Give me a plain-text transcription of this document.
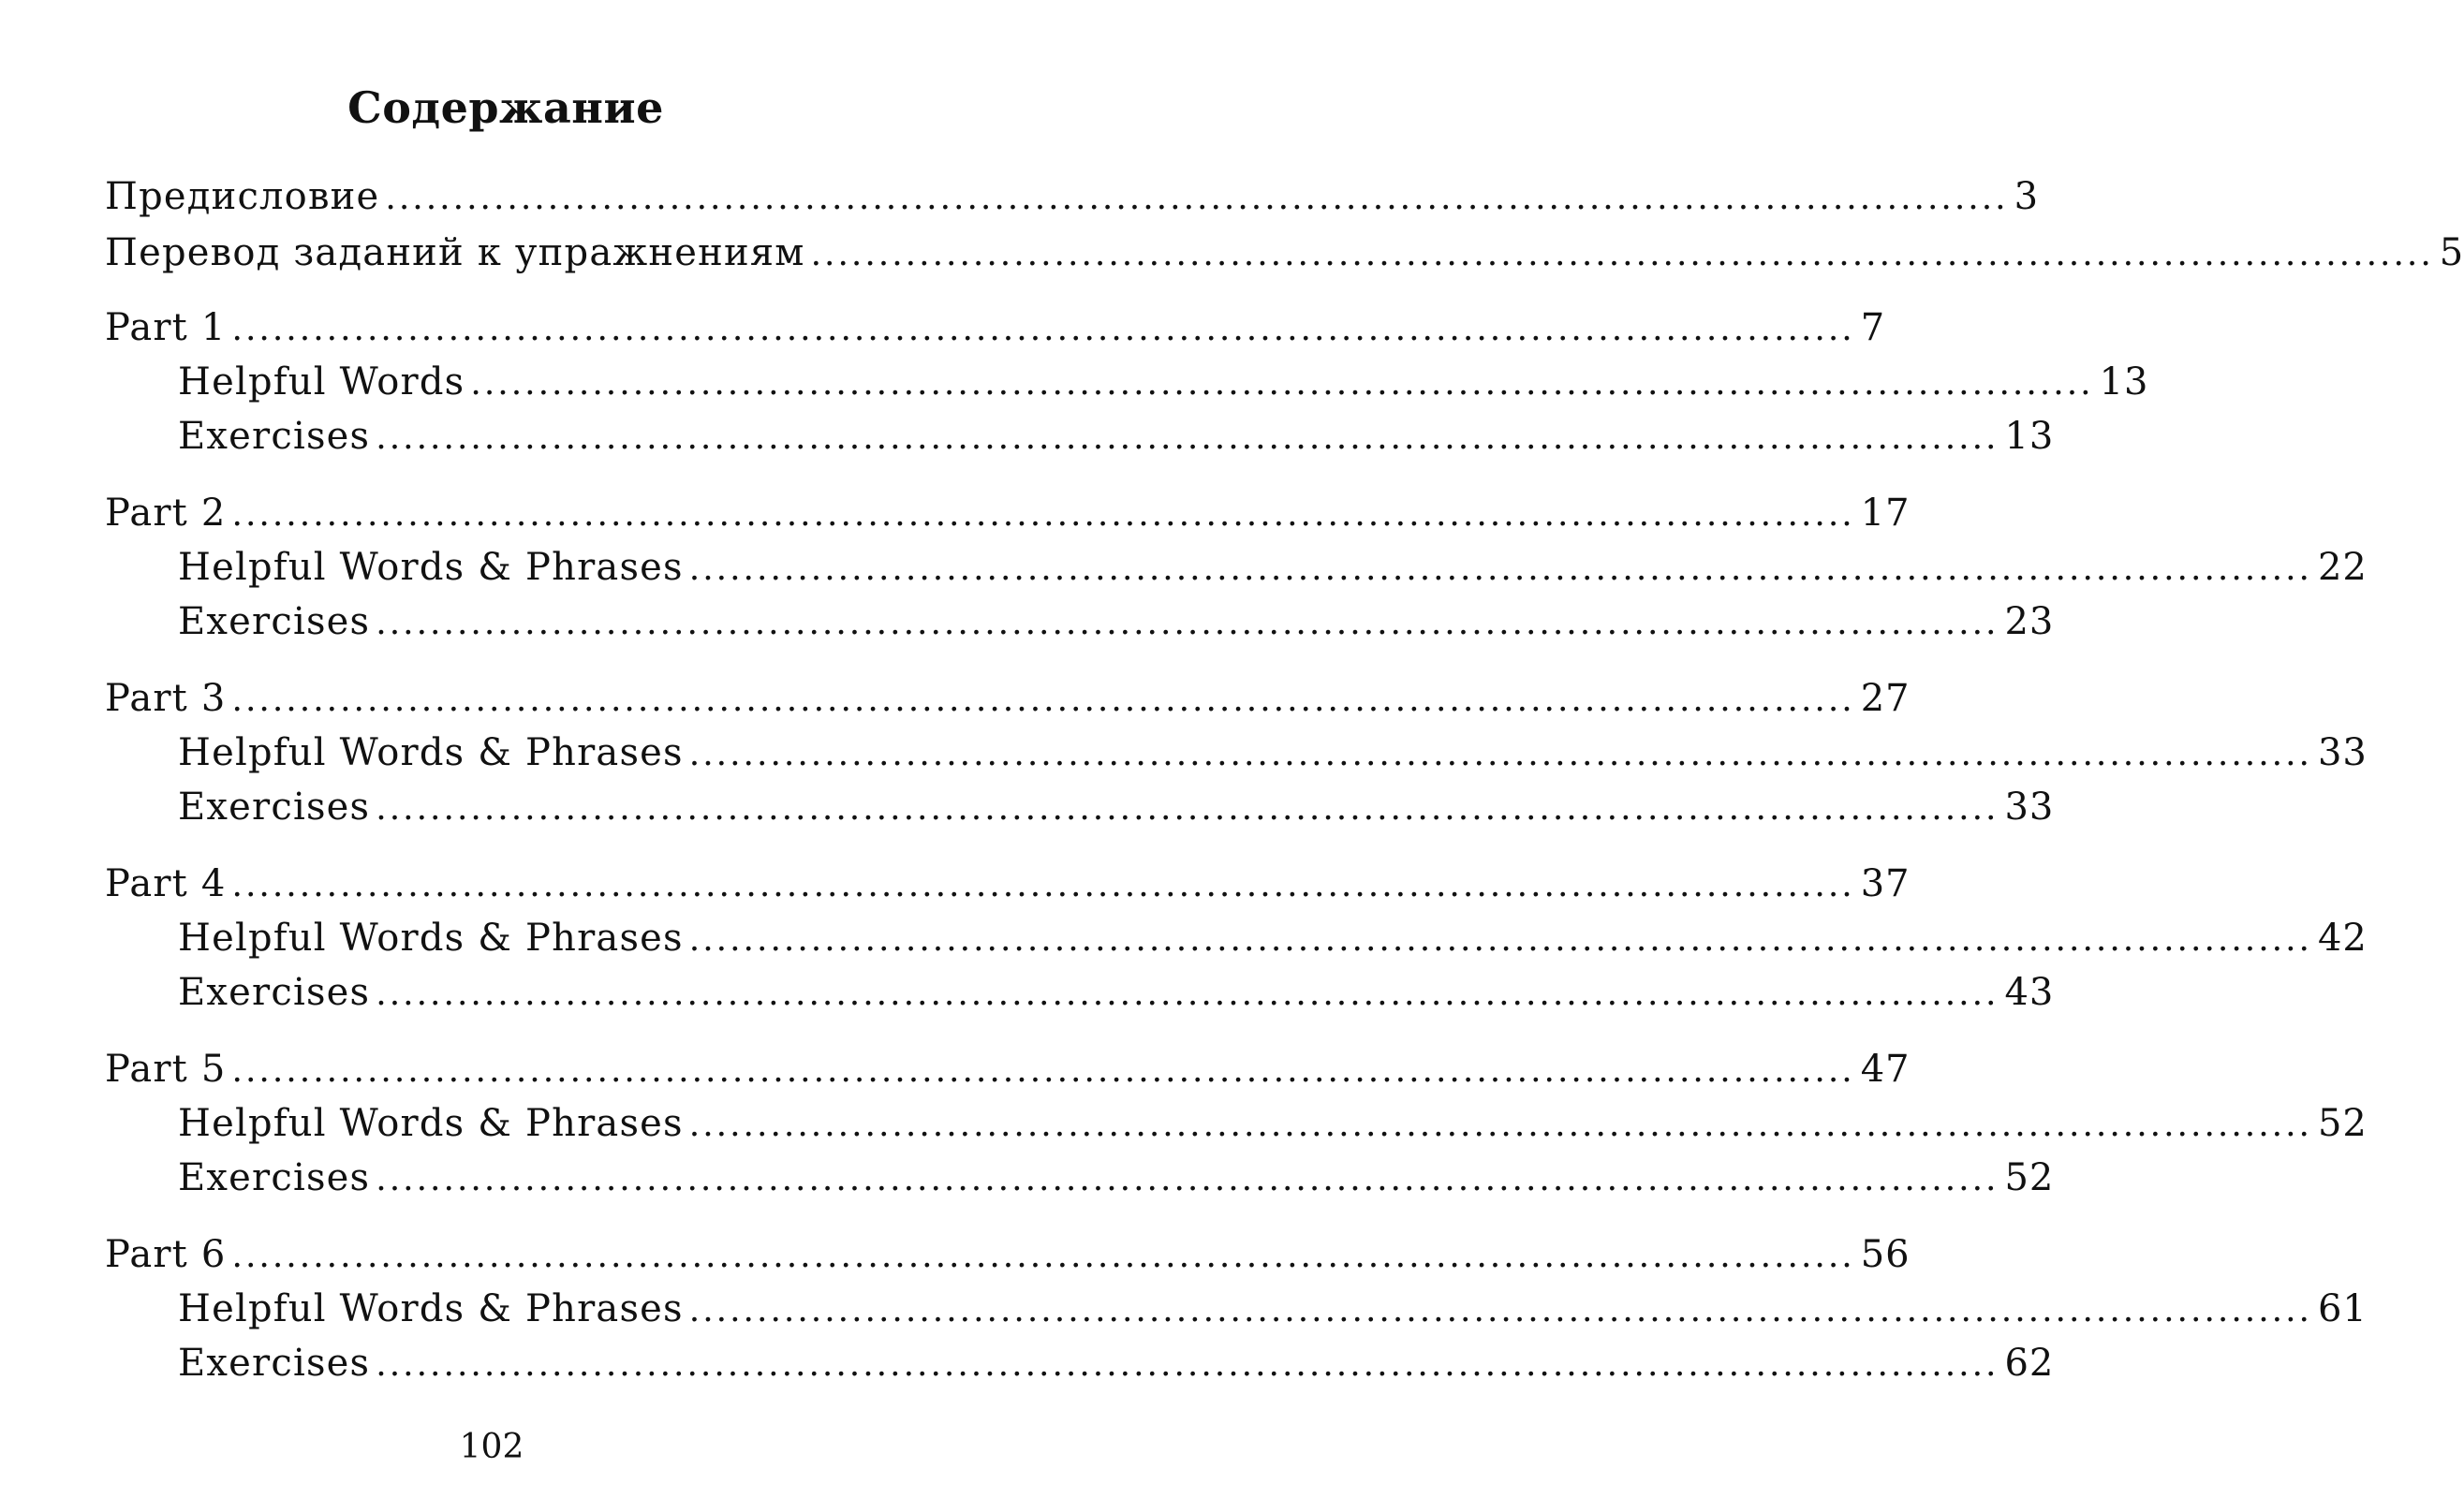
Содержание
Предисловие ........................................................................................................................ 3
Перевод заданий к упражнениям ........................................................................................................................ 5
Part 1 ........................................................................................................................ 7
Helpful Words ........................................................................................................................ 13
Exercises ........................................................................................................................ 13
Part 2 ........................................................................................................................ 17
Helpful Words & Phrases ........................................................................................................................ 22
Exercises ........................................................................................................................ 23
Part 3 ........................................................................................................................ 27
Helpful Words & Phrases ........................................................................................................................ 33
Exercises ........................................................................................................................ 33
Part 4 ........................................................................................................................ 37
Helpful Words & Phrases ........................................................................................................................ 42
Exercises ........................................................................................................................ 43
Part 5 ........................................................................................................................ 47
Helpful Words & Phrases ........................................................................................................................ 52
Exercises ........................................................................................................................ 52
Part 6 ........................................................................................................................ 56
Helpful Words & Phrases ........................................................................................................................ 61
Exercises ........................................................................................................................ 62
102
